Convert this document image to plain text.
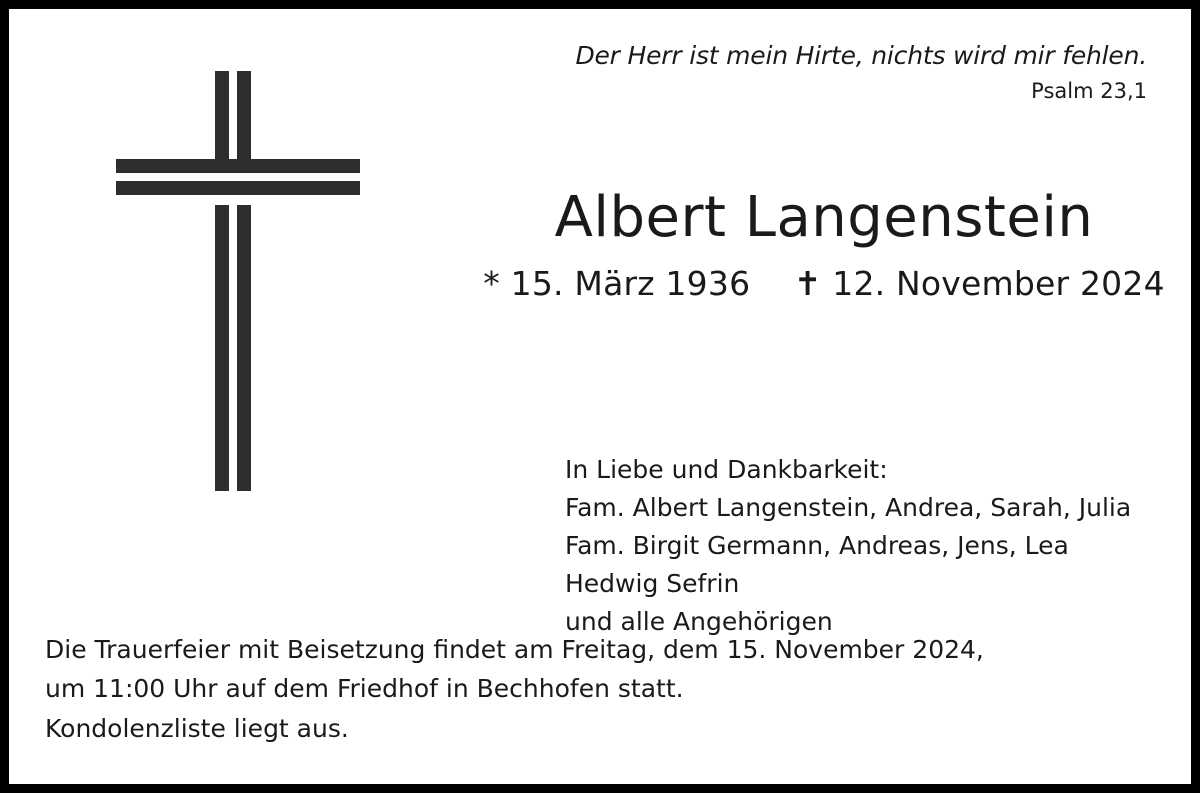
Der Herr ist mein Hirte, nichts wird mir fehlen.
Psalm 23,1
Albert Langenstein
* 15. März 1936 ✝ 12. November 2024
In Liebe und Dankbarkeit:
Fam. Albert Langenstein, Andrea, Sarah, Julia
Fam. Birgit Germann, Andreas, Jens, Lea
Hedwig Sefrin
und alle Angehörigen
Die Trauerfeier mit Beisetzung findet am Freitag, dem 15. November 2024,
um 11:00 Uhr auf dem Friedhof in Bechhofen statt.
Kondolenzliste liegt aus.
